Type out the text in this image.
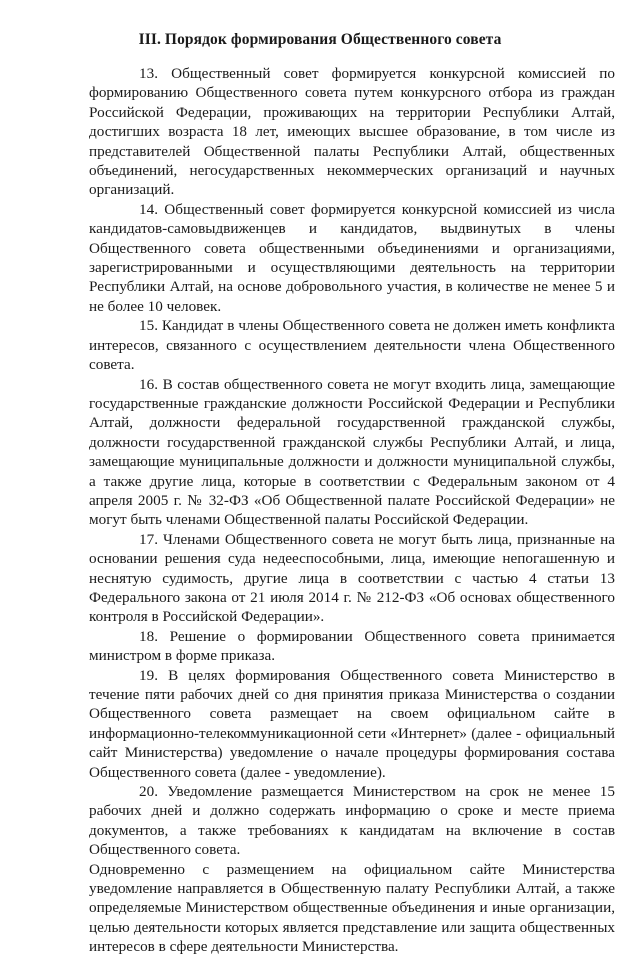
III. Порядок формирования Общественного совета

13. Общественный совет формируется конкурсной комиссией по формированию Общественного совета путем конкурсного отбора из граждан Российской Федерации, проживающих на территории Республики Алтай, достигших возраста 18 лет, имеющих высшее образование, в том числе из представителей Общественной палаты Республики Алтай, общественных объединений, негосударственных некоммерческих организаций и научных организаций.

14. Общественный совет формируется конкурсной комиссией из числа кандидатов-самовыдвиженцев и кандидатов, выдвинутых в члены Общественного совета общественными объединениями и организациями, зарегистрированными и осуществляющими деятельность на территории Республики Алтай, на основе добровольного участия, в количестве не менее 5 и не более 10 человек.

15. Кандидат в члены Общественного совета не должен иметь конфликта интересов, связанного с осуществлением деятельности члена Общественного совета.

16. В состав общественного совета не могут входить лица, замещающие государственные гражданские должности Российской Федерации и Республики Алтай, должности федеральной государственной гражданской службы, должности государственной гражданской службы Республики Алтай, и лица, замещающие муниципальные должности и должности муниципальной службы, а также другие лица, которые в соответствии с Федеральным законом от 4 апреля 2005 г. № 32-ФЗ «Об Общественной палате Российской Федерации» не могут быть членами Общественной палаты Российской Федерации.

17. Членами Общественного совета не могут быть лица, признанные на основании решения суда недееспособными, лица, имеющие непогашенную и неснятую судимость, другие лица в соответствии с частью 4 статьи 13 Федерального закона от 21 июля 2014 г. № 212-ФЗ «Об основах общественного контроля в Российской Федерации».

18. Решение о формировании Общественного совета принимается министром в форме приказа.

19. В целях формирования Общественного совета Министерство в течение пяти рабочих дней со дня принятия приказа Министерства о создании Общественного совета размещает на своем официальном сайте в информационно-телекоммуникационной сети «Интернет» (далее - официальный сайт Министерства) уведомление о начале процедуры формирования состава Общественного совета (далее - уведомление).

20. Уведомление размещается Министерством на срок не менее 15 рабочих дней и должно содержать информацию о сроке и месте приема документов, а также требованиях к кандидатам на включение в состав Общественного совета.

Одновременно с размещением на официальном сайте Министерства уведомление направляется в Общественную палату Республики Алтай, а также определяемые Министерством общественные объединения и иные организации, целью деятельности которых является представление или защита общественных интересов в сфере деятельности Министерства.
